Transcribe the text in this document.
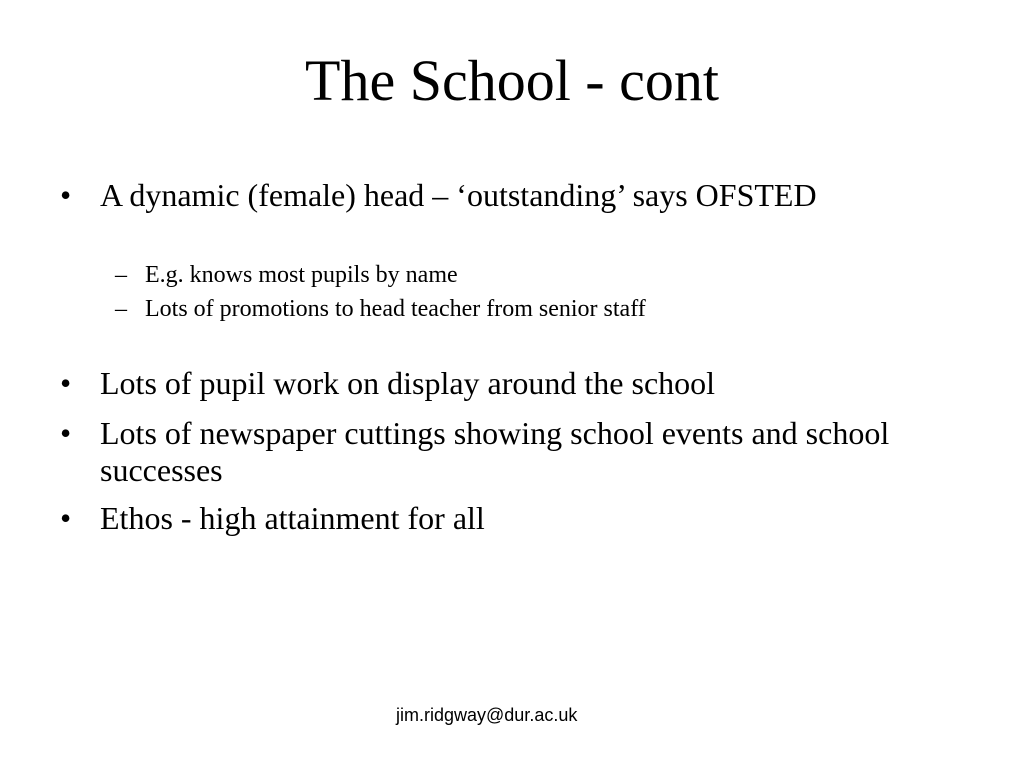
The School - cont
• A dynamic (female) head – ‘outstanding’ says OFSTED
– E.g. knows most pupils by name
– Lots of promotions to head teacher from senior staff
• Lots of pupil work on display around the school
• Lots of newspaper cuttings showing school events and school successes
• Ethos - high attainment for all
jim.ridgway@dur.ac.uk
